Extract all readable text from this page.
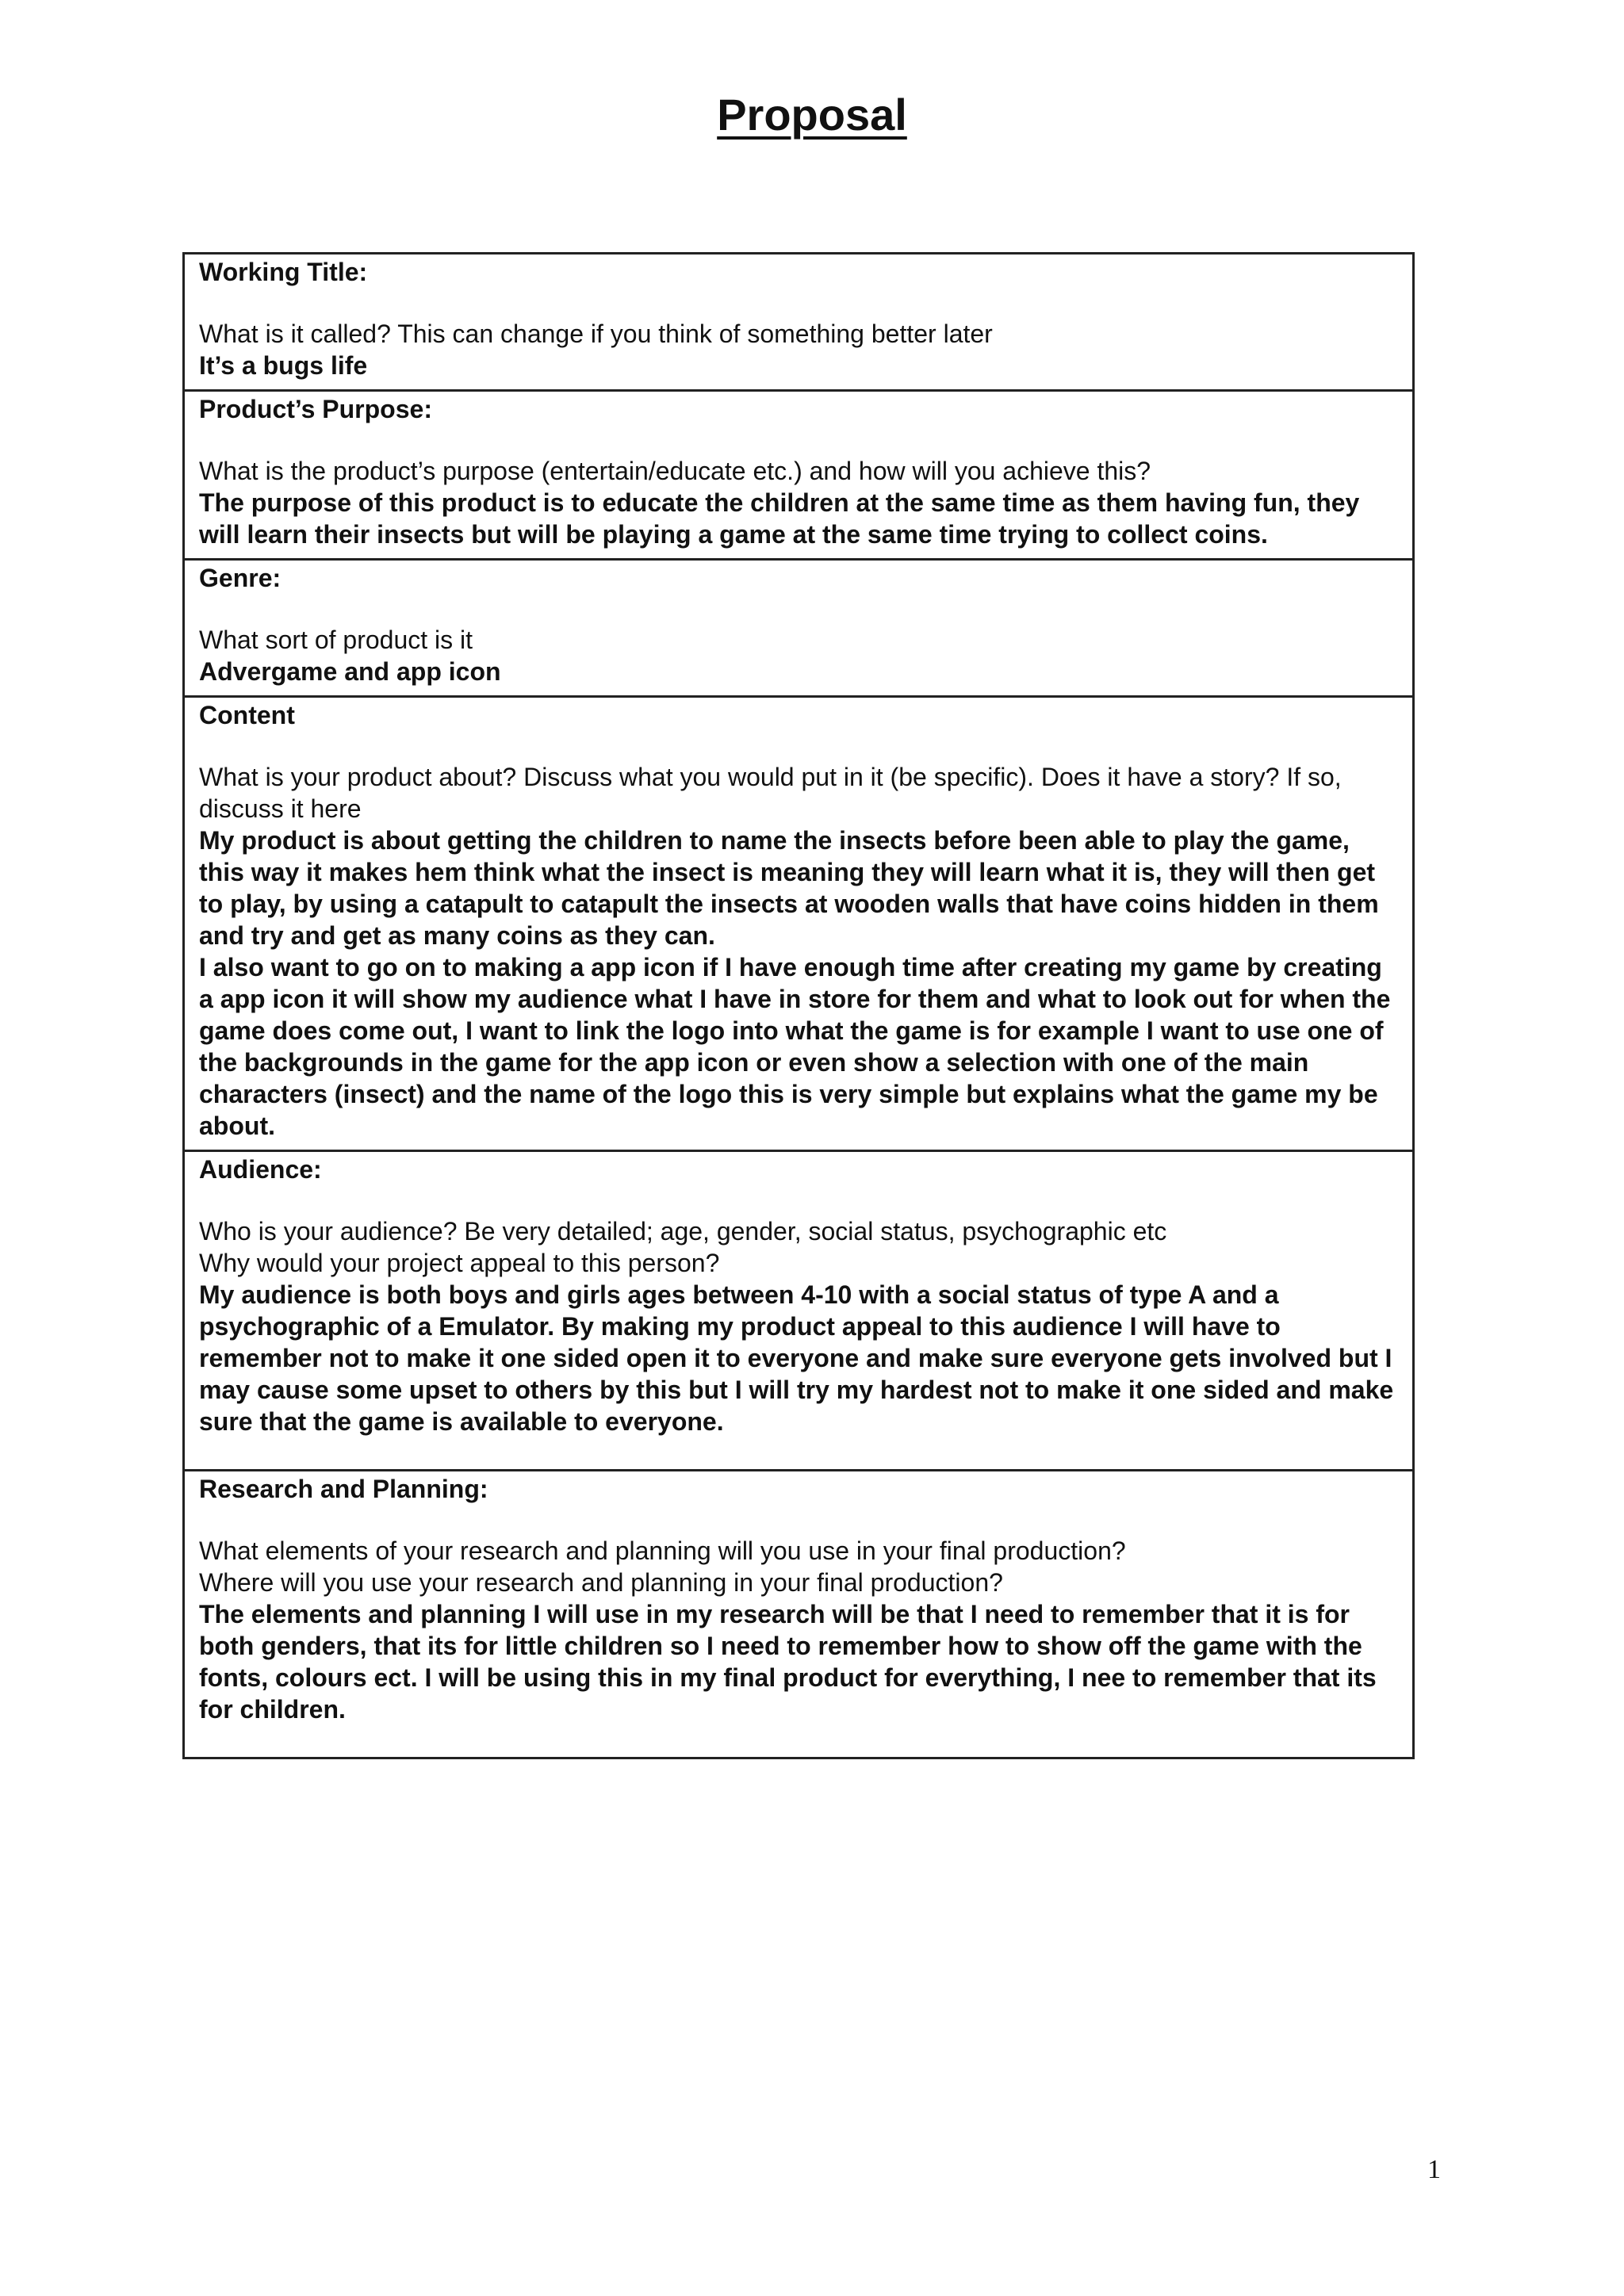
Proposal
Working Title:
What is it called? This can change if you think of something better later

It’s a bugs life

Product’s Purpose:
What is the product’s purpose (entertain/educate etc.) and how will you achieve this?

The purpose of this product is to educate the children at the same time as them having fun, they will learn their insects but will be playing a game at the same time trying to collect coins.

Genre:
What sort of product is it

Advergame and app icon

Content
What is your product about? Discuss what you would put in it (be specific). Does it have a story? If so, discuss it here

My product is about getting the children to name the insects before been able to play the game, this way it makes hem think what the insect is meaning they will learn what it is, they will then get to play, by using a catapult to catapult the insects at wooden walls that have coins hidden in them and try and get as many coins as they can.

I also want to go on to making a app icon if I have enough time after creating my game by creating a app icon it will show my audience what I have in store for them and what to look out for when the game does come out, I want to link the logo into what the game is for example I want to use one of the backgrounds in the game for the app icon or even show a selection with one of the main characters (insect) and the name of the logo this is very simple but explains what the game my be about.

Audience:
Who is your audience? Be very detailed; age, gender, social status, psychographic etc
Why would your project appeal to this person?

My audience is both boys and girls ages between 4-10 with a social status of type A and a psychographic of a Emulator. By making my product appeal to this audience I will have to remember not to make it one sided open it to everyone and make sure everyone gets involved but I may cause some upset to others by this but I will try my hardest not to make it one sided and make sure that the game is available to everyone.

Research and Planning:
What elements of your research and planning will you use in your final production?
Where will you use your research and planning in your final production?

The elements and planning I will use in my research will be that I need to remember that it is for both genders, that its for little children so I need to remember how to show off the game with the fonts, colours ect. I will be using this in my final product for everything, I nee to remember that its for children.

1
